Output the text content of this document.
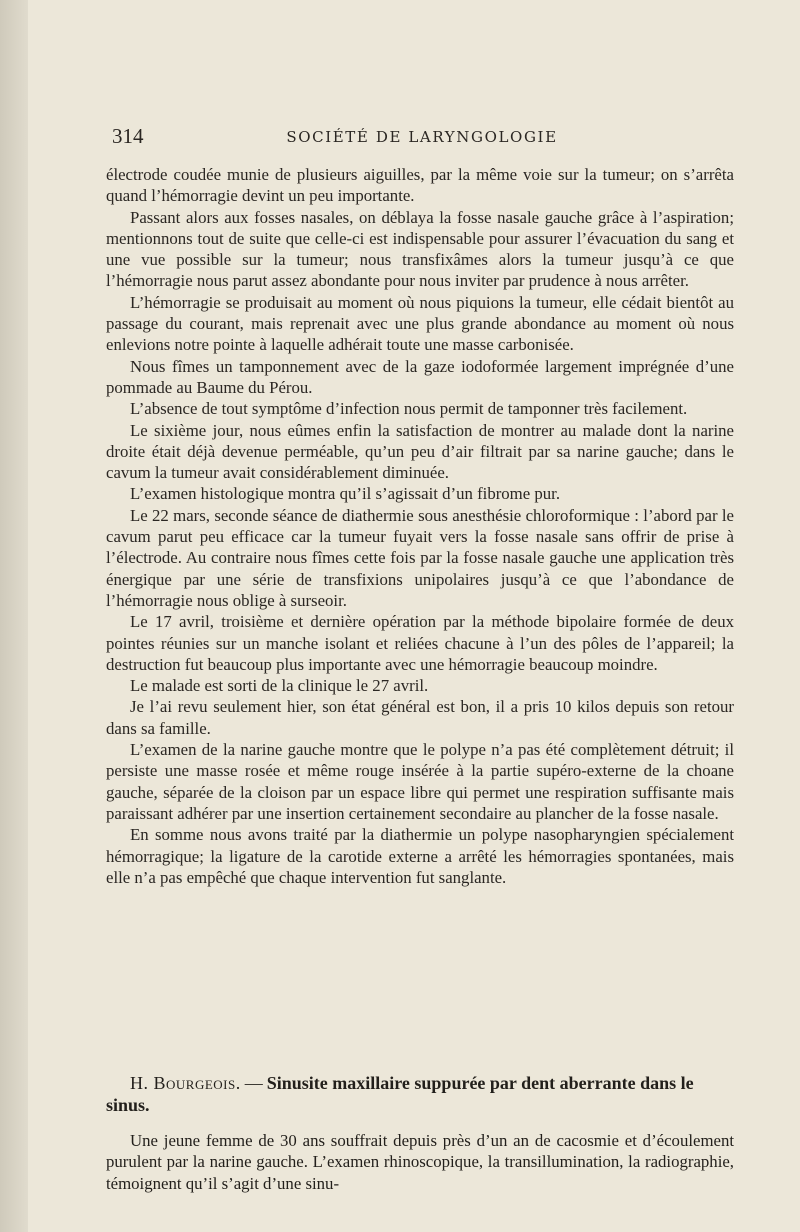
314	SOCIÉTÉ DE LARYNGOLOGIE

électrode coudée munie de plusieurs aiguilles, par la même voie sur la tumeur; on s’arrêta quand l’hémorragie devint un peu importante.

Passant alors aux fosses nasales, on déblaya la fosse nasale gauche grâce à l’aspiration; mentionnons tout de suite que celle-ci est indispensable pour assurer l’évacuation du sang et une vue possible sur la tumeur; nous transfixâmes alors la tumeur jusqu’à ce que l’hémorragie nous parut assez abondante pour nous inviter par prudence à nous arrêter.

L’hémorragie se produisait au moment où nous piquions la tumeur, elle cédait bientôt au passage du courant, mais reprenait avec une plus grande abondance au moment où nous enlevions notre pointe à laquelle adhérait toute une masse carbonisée.

Nous fîmes un tamponnement avec de la gaze iodoformée largement imprégnée d’une pommade au Baume du Pérou.

L’absence de tout symptôme d’infection nous permit de tamponner très facilement.

Le sixième jour, nous eûmes enfin la satisfaction de montrer au malade dont la narine droite était déjà devenue perméable, qu’un peu d’air filtrait par sa narine gauche; dans le cavum la tumeur avait considérablement diminuée.

L’examen histologique montra qu’il s’agissait d’un fibrome pur.

Le 22 mars, seconde séance de diathermie sous anesthésie chloroformique : l’abord par le cavum parut peu efficace car la tumeur fuyait vers la fosse nasale sans offrir de prise à l’électrode. Au contraire nous fîmes cette fois par la fosse nasale gauche une application très énergique par une série de transfixions unipolaires jusqu’à ce que l’abondance de l’hémorragie nous oblige à surseoir.

Le 17 avril, troisième et dernière opération par la méthode bipolaire formée de deux pointes réunies sur un manche isolant et reliées chacune à l’un des pôles de l’appareil; la destruction fut beaucoup plus importante avec une hémorragie beaucoup moindre.

Le malade est sorti de la clinique le 27 avril.

Je l’ai revu seulement hier, son état général est bon, il a pris 10 kilos depuis son retour dans sa famille.

L’examen de la narine gauche montre que le polype n’a pas été complètement détruit; il persiste une masse rosée et même rouge insérée à la partie supéro-externe de la choane gauche, séparée de la cloison par un espace libre qui permet une respiration suffisante mais paraissant adhérer par une insertion certainement secondaire au plancher de la fosse nasale.

En somme nous avons traité par la diathermie un polype nasopharyngien spécialement hémorragique; la ligature de la carotide externe a arrêté les hémorragies spontanées, mais elle n’a pas empêché que chaque intervention fut sanglante.

H. Bourgeois. — Sinusite maxillaire suppurée par dent aberrante dans le sinus.

Une jeune femme de 30 ans souffrait depuis près d’un an de cacosmie et d’écoulement purulent par la narine gauche. L’examen rhinoscopique, la transillumination, la radiographie, témoignent qu’il s’agit d’une sinu-
